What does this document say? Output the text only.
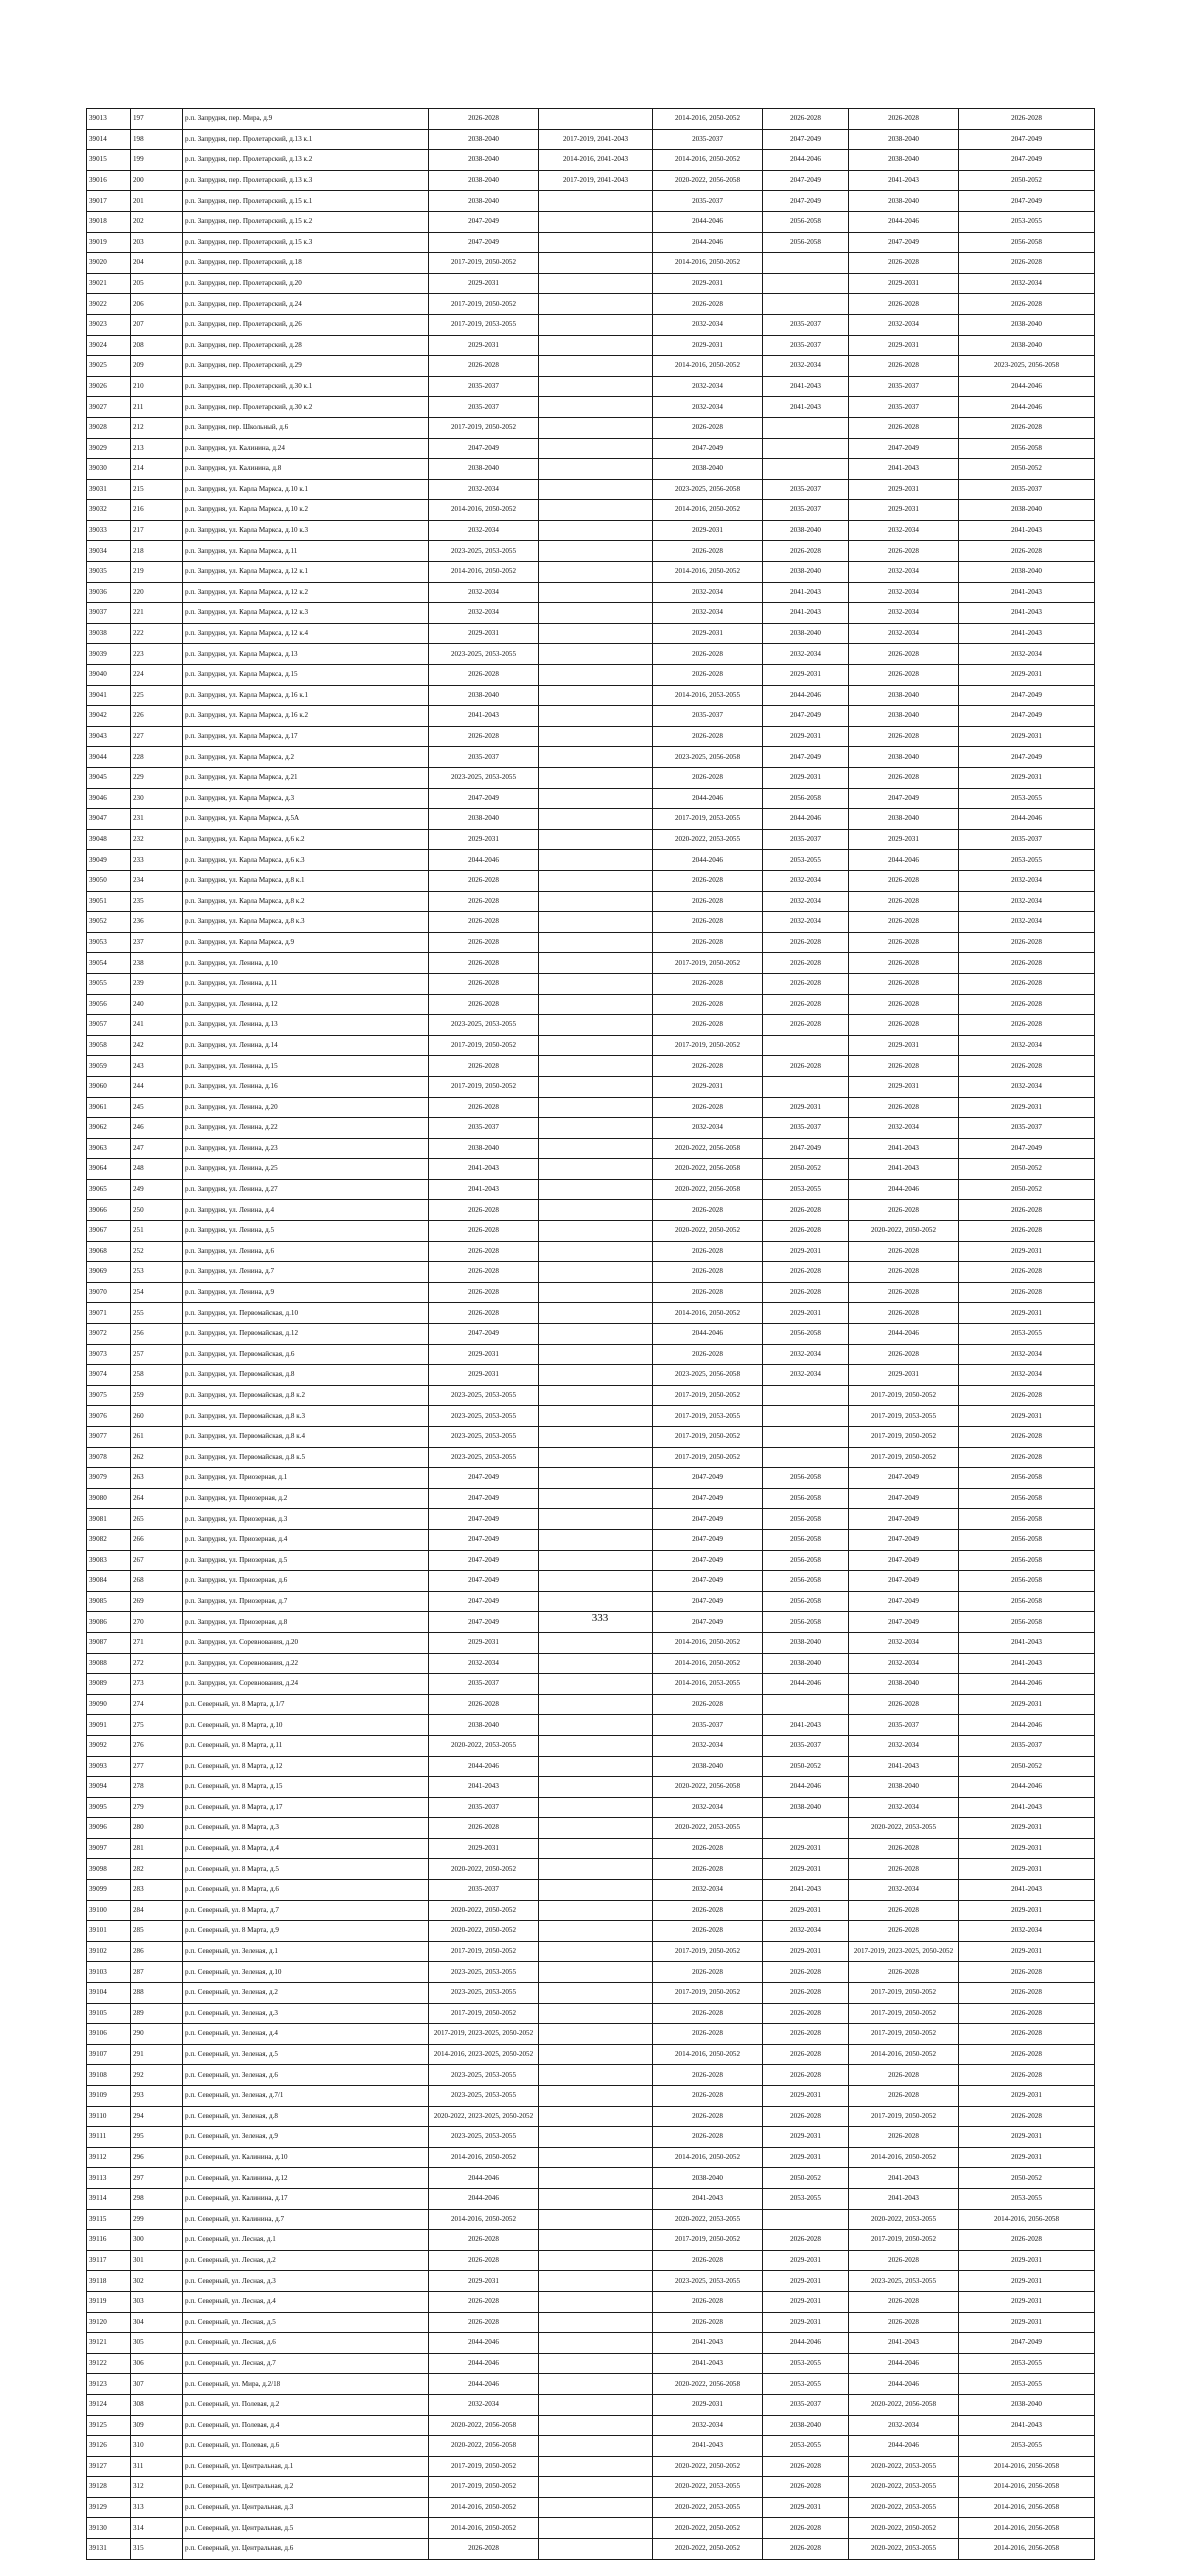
39013	197	р.п. Запрудня, пер. Мира, д.9	2026-2028		2014-2016, 2050-2052	2026-2028	2026-2028	2026-2028
39014	198	р.п. Запрудня, пер. Пролетарский, д.13 к.1	2038-2040	2017-2019, 2041-2043	2035-2037	2047-2049	2038-2040	2047-2049
39015	199	р.п. Запрудня, пер. Пролетарский, д.13 к.2	2038-2040	2014-2016, 2041-2043	2014-2016, 2050-2052	2044-2046	2038-2040	2047-2049
39016	200	р.п. Запрудня, пер. Пролетарский, д.13 к.3	2038-2040	2017-2019, 2041-2043	2020-2022, 2056-2058	2047-2049	2041-2043	2050-2052
39017	201	р.п. Запрудня, пер. Пролетарский, д.15 к.1	2038-2040		2035-2037	2047-2049	2038-2040	2047-2049
39018	202	р.п. Запрудня, пер. Пролетарский, д.15 к.2	2047-2049		2044-2046	2056-2058	2044-2046	2053-2055
39019	203	р.п. Запрудня, пер. Пролетарский, д.15 к.3	2047-2049		2044-2046	2056-2058	2047-2049	2056-2058
39020	204	р.п. Запрудня, пер. Пролетарский, д.18	2017-2019, 2050-2052		2014-2016, 2050-2052		2026-2028	2026-2028
39021	205	р.п. Запрудня, пер. Пролетарский, д.20	2029-2031		2029-2031		2029-2031	2032-2034
39022	206	р.п. Запрудня, пер. Пролетарский, д.24	2017-2019, 2050-2052		2026-2028		2026-2028	2026-2028
39023	207	р.п. Запрудня, пер. Пролетарский, д.26	2017-2019, 2053-2055		2032-2034	2035-2037	2032-2034	2038-2040
39024	208	р.п. Запрудня, пер. Пролетарский, д.28	2029-2031		2029-2031	2035-2037	2029-2031	2038-2040
39025	209	р.п. Запрудня, пер. Пролетарский, д.29	2026-2028		2014-2016, 2050-2052	2032-2034	2026-2028	2023-2025, 2056-2058
39026	210	р.п. Запрудня, пер. Пролетарский, д.30 к.1	2035-2037		2032-2034	2041-2043	2035-2037	2044-2046
39027	211	р.п. Запрудня, пер. Пролетарский, д.30 к.2	2035-2037		2032-2034	2041-2043	2035-2037	2044-2046
39028	212	р.п. Запрудня, пер. Школьный, д.6	2017-2019, 2050-2052		2026-2028		2026-2028	2026-2028
39029	213	р.п. Запрудня, ул. Калинина, д.24	2047-2049		2047-2049		2047-2049	2056-2058
39030	214	р.п. Запрудня, ул. Калинина, д.8	2038-2040		2038-2040		2041-2043	2050-2052
39031	215	р.п. Запрудня, ул. Карла Маркса, д.10 к.1	2032-2034		2023-2025, 2056-2058	2035-2037	2029-2031	2035-2037
39032	216	р.п. Запрудня, ул. Карла Маркса, д.10 к.2	2014-2016, 2050-2052		2014-2016, 2050-2052	2035-2037	2029-2031	2038-2040
39033	217	р.п. Запрудня, ул. Карла Маркса, д.10 к.3	2032-2034		2029-2031	2038-2040	2032-2034	2041-2043
39034	218	р.п. Запрудня, ул. Карла Маркса, д.11	2023-2025, 2053-2055		2026-2028	2026-2028	2026-2028	2026-2028
39035	219	р.п. Запрудня, ул. Карла Маркса, д.12 к.1	2014-2016, 2050-2052		2014-2016, 2050-2052	2038-2040	2032-2034	2038-2040
39036	220	р.п. Запрудня, ул. Карла Маркса, д.12 к.2	2032-2034		2032-2034	2041-2043	2032-2034	2041-2043
39037	221	р.п. Запрудня, ул. Карла Маркса, д.12 к.3	2032-2034		2032-2034	2041-2043	2032-2034	2041-2043
39038	222	р.п. Запрудня, ул. Карла Маркса, д.12 к.4	2029-2031		2029-2031	2038-2040	2032-2034	2041-2043
39039	223	р.п. Запрудня, ул. Карла Маркса, д.13	2023-2025, 2053-2055		2026-2028	2032-2034	2026-2028	2032-2034
39040	224	р.п. Запрудня, ул. Карла Маркса, д.15	2026-2028		2026-2028	2029-2031	2026-2028	2029-2031
39041	225	р.п. Запрудня, ул. Карла Маркса, д.16 к.1	2038-2040		2014-2016, 2053-2055	2044-2046	2038-2040	2047-2049
39042	226	р.п. Запрудня, ул. Карла Маркса, д.16 к.2	2041-2043		2035-2037	2047-2049	2038-2040	2047-2049
39043	227	р.п. Запрудня, ул. Карла Маркса, д.17	2026-2028		2026-2028	2029-2031	2026-2028	2029-2031
39044	228	р.п. Запрудня, ул. Карла Маркса, д.2	2035-2037		2023-2025, 2056-2058	2047-2049	2038-2040	2047-2049
39045	229	р.п. Запрудня, ул. Карла Маркса, д.21	2023-2025, 2053-2055		2026-2028	2029-2031	2026-2028	2029-2031
39046	230	р.п. Запрудня, ул. Карла Маркса, д.3	2047-2049		2044-2046	2056-2058	2047-2049	2053-2055
39047	231	р.п. Запрудня, ул. Карла Маркса, д.5А	2038-2040		2017-2019, 2053-2055	2044-2046	2038-2040	2044-2046
39048	232	р.п. Запрудня, ул. Карла Маркса, д.6 к.2	2029-2031		2020-2022, 2053-2055	2035-2037	2029-2031	2035-2037
39049	233	р.п. Запрудня, ул. Карла Маркса, д.6 к.3	2044-2046		2044-2046	2053-2055	2044-2046	2053-2055
39050	234	р.п. Запрудня, ул. Карла Маркса, д.8 к.1	2026-2028		2026-2028	2032-2034	2026-2028	2032-2034
39051	235	р.п. Запрудня, ул. Карла Маркса, д.8 к.2	2026-2028		2026-2028	2032-2034	2026-2028	2032-2034
39052	236	р.п. Запрудня, ул. Карла Маркса, д.8 к.3	2026-2028		2026-2028	2032-2034	2026-2028	2032-2034
39053	237	р.п. Запрудня, ул. Карла Маркса, д.9	2026-2028		2026-2028	2026-2028	2026-2028	2026-2028
39054	238	р.п. Запрудня, ул. Ленина, д.10	2026-2028		2017-2019, 2050-2052	2026-2028	2026-2028	2026-2028
39055	239	р.п. Запрудня, ул. Ленина, д.11	2026-2028		2026-2028	2026-2028	2026-2028	2026-2028
39056	240	р.п. Запрудня, ул. Ленина, д.12	2026-2028		2026-2028	2026-2028	2026-2028	2026-2028
39057	241	р.п. Запрудня, ул. Ленина, д.13	2023-2025, 2053-2055		2026-2028	2026-2028	2026-2028	2026-2028
39058	242	р.п. Запрудня, ул. Ленина, д.14	2017-2019, 2050-2052		2017-2019, 2050-2052		2029-2031	2032-2034
39059	243	р.п. Запрудня, ул. Ленина, д.15	2026-2028		2026-2028	2026-2028	2026-2028	2026-2028
39060	244	р.п. Запрудня, ул. Ленина, д.16	2017-2019, 2050-2052		2029-2031		2029-2031	2032-2034
39061	245	р.п. Запрудня, ул. Ленина, д.20	2026-2028		2026-2028	2029-2031	2026-2028	2029-2031
39062	246	р.п. Запрудня, ул. Ленина, д.22	2035-2037		2032-2034	2035-2037	2032-2034	2035-2037
39063	247	р.п. Запрудня, ул. Ленина, д.23	2038-2040		2020-2022, 2056-2058	2047-2049	2041-2043	2047-2049
39064	248	р.п. Запрудня, ул. Ленина, д.25	2041-2043		2020-2022, 2056-2058	2050-2052	2041-2043	2050-2052
39065	249	р.п. Запрудня, ул. Ленина, д.27	2041-2043		2020-2022, 2056-2058	2053-2055	2044-2046	2050-2052
39066	250	р.п. Запрудня, ул. Ленина, д.4	2026-2028		2026-2028	2026-2028	2026-2028	2026-2028
39067	251	р.п. Запрудня, ул. Ленина, д.5	2026-2028		2020-2022, 2050-2052	2026-2028	2020-2022, 2050-2052	2026-2028
39068	252	р.п. Запрудня, ул. Ленина, д.6	2026-2028		2026-2028	2029-2031	2026-2028	2029-2031
39069	253	р.п. Запрудня, ул. Ленина, д.7	2026-2028		2026-2028	2026-2028	2026-2028	2026-2028
39070	254	р.п. Запрудня, ул. Ленина, д.9	2026-2028		2026-2028	2026-2028	2026-2028	2026-2028
39071	255	р.п. Запрудня, ул. Первомайская, д.10	2026-2028		2014-2016, 2050-2052	2029-2031	2026-2028	2029-2031
39072	256	р.п. Запрудня, ул. Первомайская, д.12	2047-2049		2044-2046	2056-2058	2044-2046	2053-2055
39073	257	р.п. Запрудня, ул. Первомайская, д.6	2029-2031		2026-2028	2032-2034	2026-2028	2032-2034
39074	258	р.п. Запрудня, ул. Первомайская, д.8	2029-2031		2023-2025, 2056-2058	2032-2034	2029-2031	2032-2034
39075	259	р.п. Запрудня, ул. Первомайская, д.8 к.2	2023-2025, 2053-2055		2017-2019, 2050-2052		2017-2019, 2050-2052	2026-2028
39076	260	р.п. Запрудня, ул. Первомайская, д.8 к.3	2023-2025, 2053-2055		2017-2019, 2053-2055		2017-2019, 2053-2055	2029-2031
39077	261	р.п. Запрудня, ул. Первомайская, д.8 к.4	2023-2025, 2053-2055		2017-2019, 2050-2052		2017-2019, 2050-2052	2026-2028
39078	262	р.п. Запрудня, ул. Первомайская, д.8 к.5	2023-2025, 2053-2055		2017-2019, 2050-2052		2017-2019, 2050-2052	2026-2028
39079	263	р.п. Запрудня, ул. Приозерная, д.1	2047-2049		2047-2049	2056-2058	2047-2049	2056-2058
39080	264	р.п. Запрудня, ул. Приозерная, д.2	2047-2049		2047-2049	2056-2058	2047-2049	2056-2058
39081	265	р.п. Запрудня, ул. Приозерная, д.3	2047-2049		2047-2049	2056-2058	2047-2049	2056-2058
39082	266	р.п. Запрудня, ул. Приозерная, д.4	2047-2049		2047-2049	2056-2058	2047-2049	2056-2058
39083	267	р.п. Запрудня, ул. Приозерная, д.5	2047-2049		2047-2049	2056-2058	2047-2049	2056-2058
39084	268	р.п. Запрудня, ул. Приозерная, д.6	2047-2049		2047-2049	2056-2058	2047-2049	2056-2058
39085	269	р.п. Запрудня, ул. Приозерная, д.7	2047-2049		2047-2049	2056-2058	2047-2049	2056-2058
39086	270	р.п. Запрудня, ул. Приозерная, д.8	2047-2049		2047-2049	2056-2058	2047-2049	2056-2058
39087	271	р.п. Запрудня, ул. Соревнования, д.20	2029-2031		2014-2016, 2050-2052	2038-2040	2032-2034	2041-2043
39088	272	р.п. Запрудня, ул. Соревнования, д.22	2032-2034		2014-2016, 2050-2052	2038-2040	2032-2034	2041-2043
39089	273	р.п. Запрудня, ул. Соревнования, д.24	2035-2037		2014-2016, 2053-2055	2044-2046	2038-2040	2044-2046
39090	274	р.п. Северный, ул. 8 Марта, д.1/7	2026-2028		2026-2028		2026-2028	2029-2031
39091	275	р.п. Северный, ул. 8 Марта, д.10	2038-2040		2035-2037	2041-2043	2035-2037	2044-2046
39092	276	р.п. Северный, ул. 8 Марта, д.11	2020-2022, 2053-2055		2032-2034	2035-2037	2032-2034	2035-2037
39093	277	р.п. Северный, ул. 8 Марта, д.12	2044-2046		2038-2040	2050-2052	2041-2043	2050-2052
39094	278	р.п. Северный, ул. 8 Марта, д.15	2041-2043		2020-2022, 2056-2058	2044-2046	2038-2040	2044-2046
39095	279	р.п. Северный, ул. 8 Марта, д.17	2035-2037		2032-2034	2038-2040	2032-2034	2041-2043
39096	280	р.п. Северный, ул. 8 Марта, д.3	2026-2028		2020-2022, 2053-2055		2020-2022, 2053-2055	2029-2031
39097	281	р.п. Северный, ул. 8 Марта, д.4	2029-2031		2026-2028	2029-2031	2026-2028	2029-2031
39098	282	р.п. Северный, ул. 8 Марта, д.5	2020-2022, 2050-2052		2026-2028	2029-2031	2026-2028	2029-2031
39099	283	р.п. Северный, ул. 8 Марта, д.6	2035-2037		2032-2034	2041-2043	2032-2034	2041-2043
39100	284	р.п. Северный, ул. 8 Марта, д.7	2020-2022, 2050-2052		2026-2028	2029-2031	2026-2028	2029-2031
39101	285	р.п. Северный, ул. 8 Марта, д.9	2020-2022, 2050-2052		2026-2028	2032-2034	2026-2028	2032-2034
39102	286	р.п. Северный, ул. Зеленая, д.1	2017-2019, 2050-2052		2017-2019, 2050-2052	2029-2031	2017-2019, 2023-2025, 2050-2052	2029-2031
39103	287	р.п. Северный, ул. Зеленая, д.10	2023-2025, 2053-2055		2026-2028	2026-2028	2026-2028	2026-2028
39104	288	р.п. Северный, ул. Зеленая, д.2	2023-2025, 2053-2055		2017-2019, 2050-2052	2026-2028	2017-2019, 2050-2052	2026-2028
39105	289	р.п. Северный, ул. Зеленая, д.3	2017-2019, 2050-2052		2026-2028	2026-2028	2017-2019, 2050-2052	2026-2028
39106	290	р.п. Северный, ул. Зеленая, д.4	2017-2019, 2023-2025, 2050-2052		2026-2028	2026-2028	2017-2019, 2050-2052	2026-2028
39107	291	р.п. Северный, ул. Зеленая, д.5	2014-2016, 2023-2025, 2050-2052		2014-2016, 2050-2052	2026-2028	2014-2016, 2050-2052	2026-2028
39108	292	р.п. Северный, ул. Зеленая, д.6	2023-2025, 2053-2055		2026-2028	2026-2028	2026-2028	2026-2028
39109	293	р.п. Северный, ул. Зеленая, д.7/1	2023-2025, 2053-2055		2026-2028	2029-2031	2026-2028	2029-2031
39110	294	р.п. Северный, ул. Зеленая, д.8	2020-2022, 2023-2025, 2050-2052		2026-2028	2026-2028	2017-2019, 2050-2052	2026-2028
39111	295	р.п. Северный, ул. Зеленая, д.9	2023-2025, 2053-2055		2026-2028	2029-2031	2026-2028	2029-2031
39112	296	р.п. Северный, ул. Калинина, д.10	2014-2016, 2050-2052		2014-2016, 2050-2052	2029-2031	2014-2016, 2050-2052	2029-2031
39113	297	р.п. Северный, ул. Калинина, д.12	2044-2046		2038-2040	2050-2052	2041-2043	2050-2052
39114	298	р.п. Северный, ул. Калинина, д.17	2044-2046		2041-2043	2053-2055	2041-2043	2053-2055
39115	299	р.п. Северный, ул. Калинина, д.7	2014-2016, 2050-2052		2020-2022, 2053-2055		2020-2022, 2053-2055	2014-2016, 2056-2058
39116	300	р.п. Северный, ул. Лесная, д.1	2026-2028		2017-2019, 2050-2052	2026-2028	2017-2019, 2050-2052	2026-2028
39117	301	р.п. Северный, ул. Лесная, д.2	2026-2028		2026-2028	2029-2031	2026-2028	2029-2031
39118	302	р.п. Северный, ул. Лесная, д.3	2029-2031		2023-2025, 2053-2055	2029-2031	2023-2025, 2053-2055	2029-2031
39119	303	р.п. Северный, ул. Лесная, д.4	2026-2028		2026-2028	2029-2031	2026-2028	2029-2031
39120	304	р.п. Северный, ул. Лесная, д.5	2026-2028		2026-2028	2029-2031	2026-2028	2029-2031
39121	305	р.п. Северный, ул. Лесная, д.6	2044-2046		2041-2043	2044-2046	2041-2043	2047-2049
39122	306	р.п. Северный, ул. Лесная, д.7	2044-2046		2041-2043	2053-2055	2044-2046	2053-2055
39123	307	р.п. Северный, ул. Мира, д.2/18	2044-2046		2020-2022, 2056-2058	2053-2055	2044-2046	2053-2055
39124	308	р.п. Северный, ул. Полевая, д.2	2032-2034		2029-2031	2035-2037	2020-2022, 2056-2058	2038-2040
39125	309	р.п. Северный, ул. Полевая, д.4	2020-2022, 2056-2058		2032-2034	2038-2040	2032-2034	2041-2043
39126	310	р.п. Северный, ул. Полевая, д.6	2020-2022, 2056-2058		2041-2043	2053-2055	2044-2046	2053-2055
39127	311	р.п. Северный, ул. Центральная, д.1	2017-2019, 2050-2052		2020-2022, 2050-2052	2026-2028	2020-2022, 2053-2055	2014-2016, 2056-2058
39128	312	р.п. Северный, ул. Центральная, д.2	2017-2019, 2050-2052		2020-2022, 2053-2055	2026-2028	2020-2022, 2053-2055	2014-2016, 2056-2058
39129	313	р.п. Северный, ул. Центральная, д.3	2014-2016, 2050-2052		2020-2022, 2053-2055	2029-2031	2020-2022, 2053-2055	2014-2016, 2056-2058
39130	314	р.п. Северный, ул. Центральная, д.5	2014-2016, 2050-2052		2020-2022, 2050-2052	2026-2028	2020-2022, 2050-2052	2014-2016, 2056-2058
39131	315	р.п. Северный, ул. Центральная, д.6	2026-2028		2020-2022, 2050-2052	2026-2028	2020-2022, 2053-2055	2014-2016, 2056-2058
333
